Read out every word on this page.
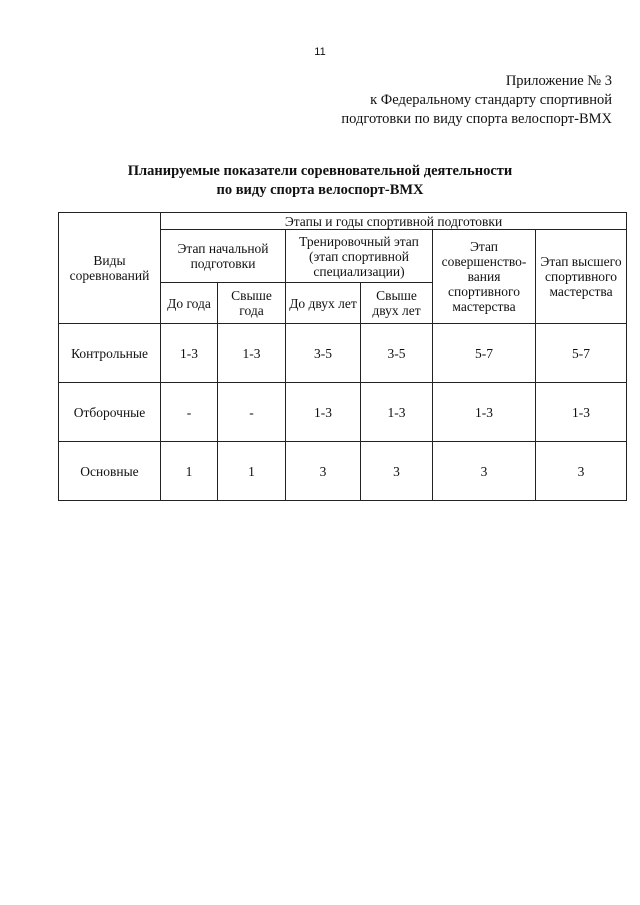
11
Приложение № 3
к Федеральному стандарту спортивной
подготовки по виду спорта велоспорт-BMX
Планируемые показатели соревновательной деятельности
по виду спорта велоспорт-BMX
Виды соревнований	Этапы и годы спортивной подготовки					
	Этап начальной подготовки		Тренировочный этап (этап спортивной специализации)		Этап совершенство-вания спортивного мастерства	Этап высшего спортивного мастерства
	До года	Свыше года	До двух лет	Свыше двух лет		
Контрольные	1-3	1-3	3-5	3-5	5-7	5-7
Отборочные	-	-	1-3	1-3	1-3	1-3
Основные	1	1	3	3	3	3
